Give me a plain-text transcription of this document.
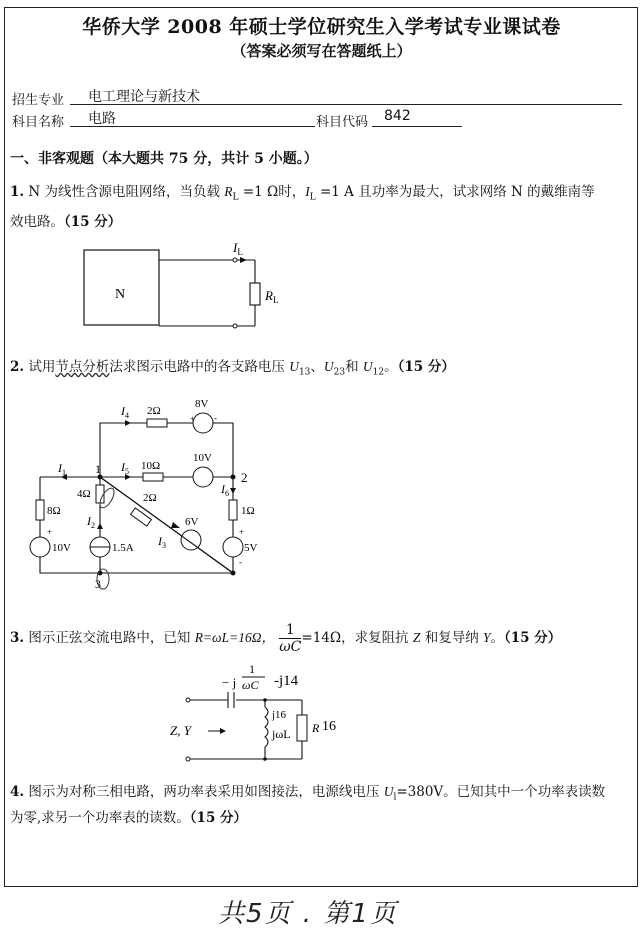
华侨大学 2008 年硕士学位研究生入学考试专业课试卷
（答案必须写在答题纸上）
招生专业 电工理论与新技术
科目名称 电路	科目代码 842
一、非客观题（本大题共 75 分，共计 5 小题。）
1. N 为线性含源电阻网络，当负载 $R_L =1$ Ω时，$I_L =1$ A 且功率为最大，试求网络 N 的戴维南等
效电路。（15 分）
N
$I_L$
$R_L$
2. 试用节点分析法求图示电路中的各支路电压 $U_{13}$、$U_{23}$和 $U_{12}$。（15 分）
1
2
3
$I_1$
$I_2$
$I_3$
$I_4$
$I_5$
$I_6$
2Ω
10Ω
8Ω
4Ω
1Ω
2Ω
8V
10V
10V
6V
5V
1.5A
+ -
+	+
-
3. 图示正弦交流电路中，已知 R=ωL=16Ω， $\frac{1}{\omega C} =14\Omega$，求复阻抗 Z 和复导纳 Y。（15 分）
− j
1
ωC -j14
j16
jωL R 16
Z, Y
4. 图示为对称三相电路，两功率表采用如图接法，电源线电压 $U_l=380V$。已知其中一个功率表读数
为零,求另一个功率表的读数。（15 分）
共5页 . 第1页
